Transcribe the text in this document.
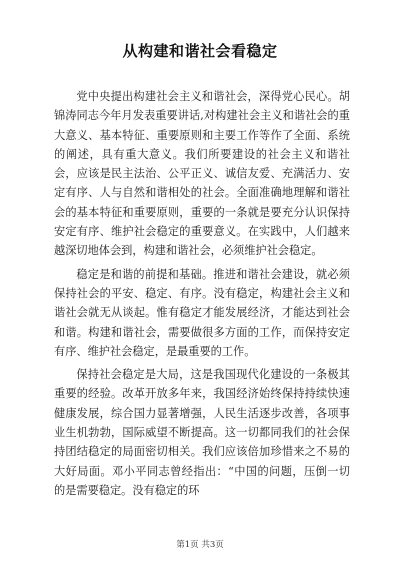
从构建和谐社会看稳定

党中央提出构建社会主义和谐社会，深得党心民心。胡锦涛同志今年月发表重要讲话,对构建社会主义和谐社会的重大意义、基本特征、重要原则和主要工作等作了全面、系统的阐述，具有重大意义。我们所要建设的社会主义和谐社会，应该是民主法治、公平正义、诚信友爱、充满活力、安定有序、人与自然和谐相处的社会。全面准确地理解和谐社会的基本特征和重要原则，重要的一条就是要充分认识保持安定有序、维护社会稳定的重要意义。在实践中，人们越来越深切地体会到，构建和谐社会，必须维护社会稳定。

稳定是和谐的前提和基础。推进和谐社会建设，就必须保持社会的平安、稳定、有序。没有稳定，构建社会主义和谐社会就无从谈起。惟有稳定才能发展经济，才能达到社会和谐。构建和谐社会，需要做很多方面的工作，而保持安定有序、维护社会稳定，是最重要的工作。

保持社会稳定是大局，这是我国现代化建设的一条极其重要的经验。改革开放多年来，我国经济始终保持持续快速健康发展，综合国力显著增强，人民生活逐步改善，各项事业生机勃勃，国际威望不断提高。这一切都同我们的社会保持团结稳定的局面密切相关。我们应该倍加珍惜来之不易的大好局面。邓小平同志曾经指出：“中国的问题，压倒一切的是需要稳定。没有稳定的环

第1页 共3页
